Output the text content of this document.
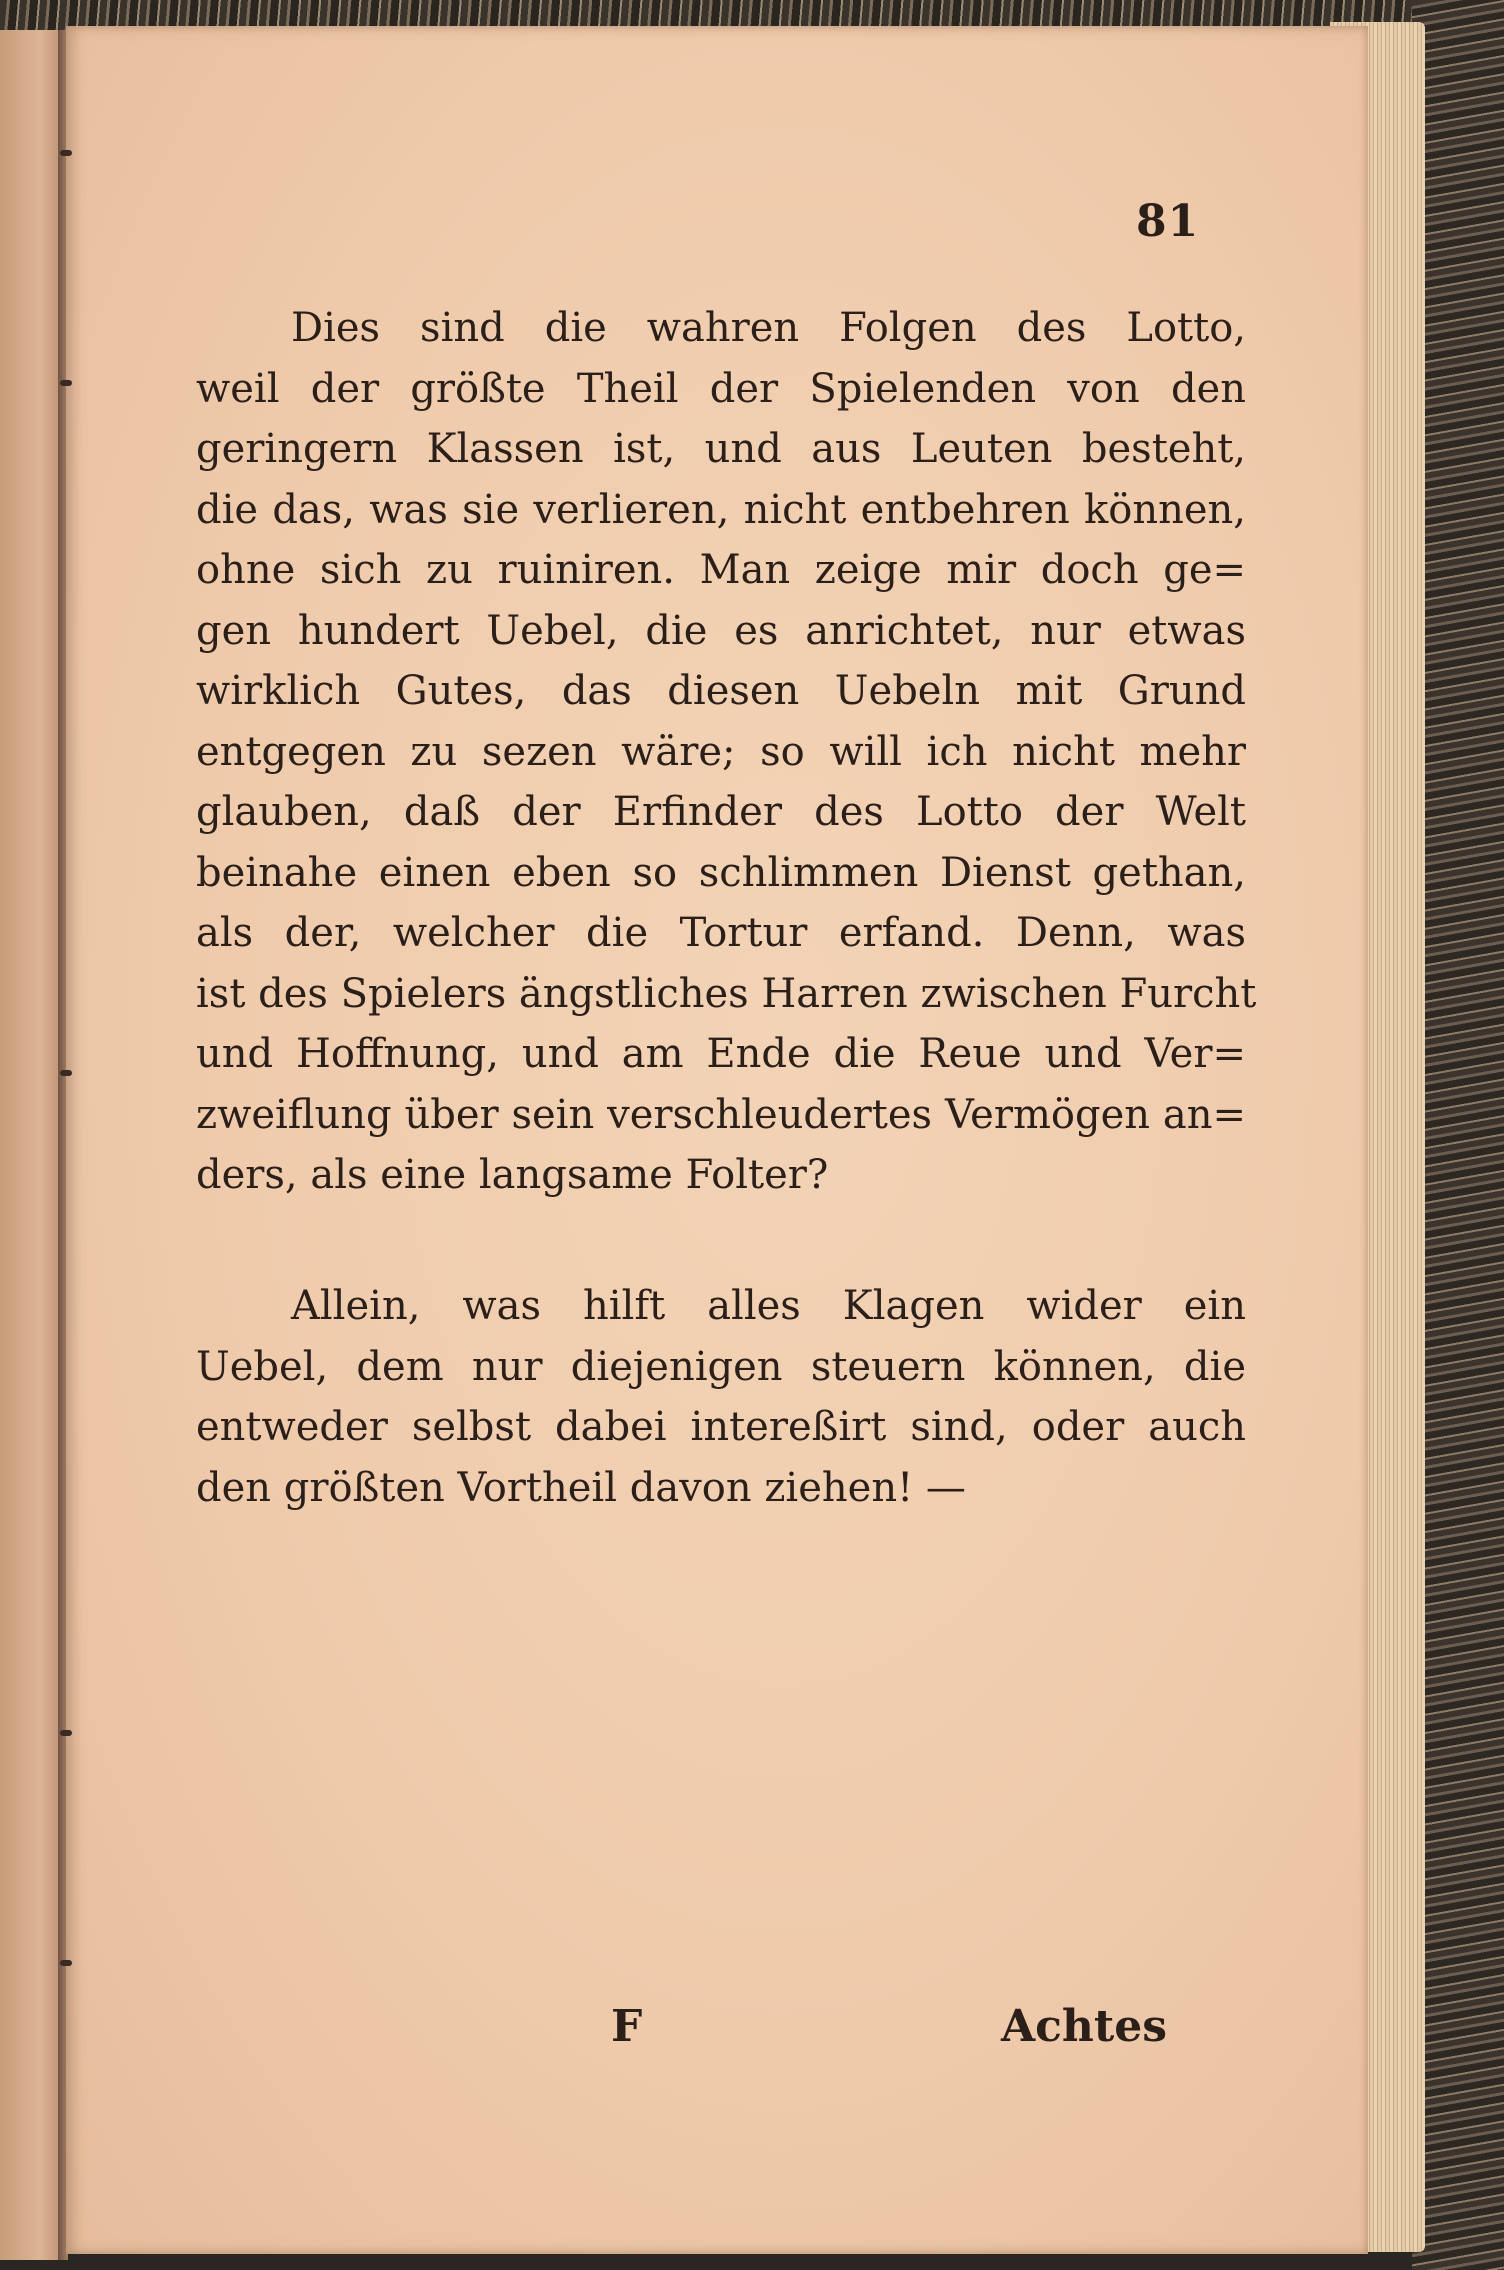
81
Dies sind die wahren Folgen des Lotto,
weil der größte Theil der Spielenden von den
geringern Klassen ist, und aus Leuten besteht,
die das, was sie verlieren, nicht entbehren können,
ohne sich zu ruiniren. Man zeige mir doch ge=
gen hundert Uebel, die es anrichtet, nur etwas
wirklich Gutes, das diesen Uebeln mit Grund
entgegen zu sezen wäre; so will ich nicht mehr
glauben, daß der Erfinder des Lotto der Welt
beinahe einen eben so schlimmen Dienst gethan,
als der, welcher die Tortur erfand. Denn, was
ist des Spielers ängstliches Harren zwischen Furcht
und Hoffnung, und am Ende die Reue und Ver=
zweiflung über sein verschleudertes Vermögen an=
ders, als eine langsame Folter?
Allein, was hilft alles Klagen wider ein
Uebel, dem nur diejenigen steuern können, die
entweder selbst dabei intereßirt sind, oder auch
den größten Vortheil davon ziehen! —
F	Achtes
